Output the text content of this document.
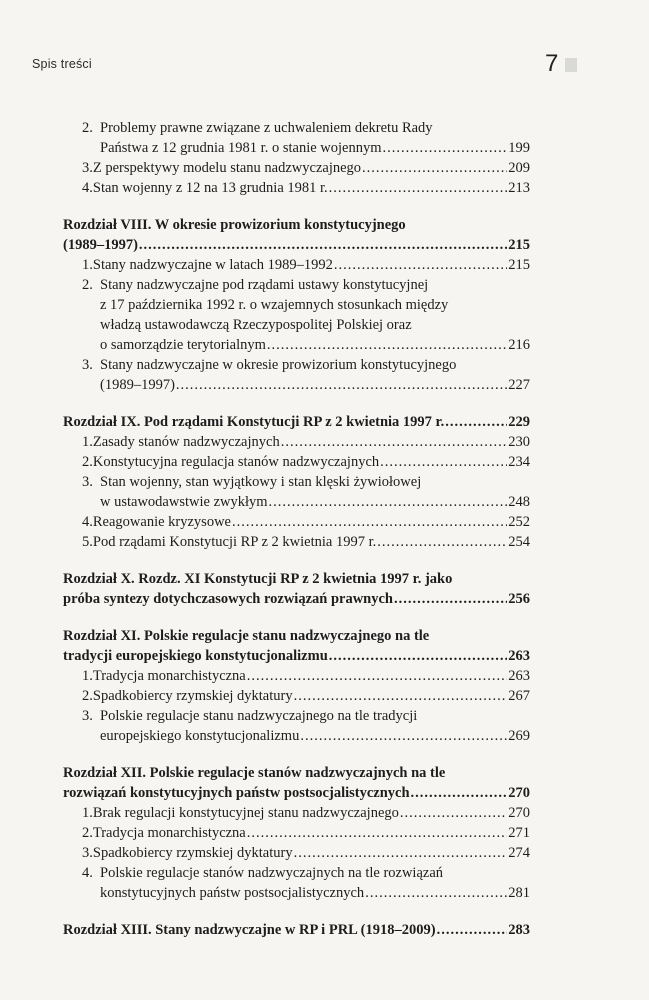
Spis treści	7
2. Problemy prawne związane z uchwaleniem dekretu Rady
Państwa z 12 grudnia 1981 r. o stanie wojennym .....	199
3. Z perspektywy modelu stanu nadzwyczajnego .....	209
4. Stan wojenny z 12 na 13 grudnia 1981 r. .....	213
Rozdział VIII. W okresie prowizorium konstytucyjnego
(1989–1997) .....	215
1. Stany nadzwyczajne w latach 1989–1992 .....	215
2. Stany nadzwyczajne pod rządami ustawy konstytucyjnej
z 17 października 1992 r. o wzajemnych stosunkach między
władzą ustawodawczą Rzeczypospolitej Polskiej oraz
o samorządzie terytorialnym .....	216
3. Stany nadzwyczajne w okresie prowizorium konstytucyjnego
(1989–1997) .....	227
Rozdział IX. Pod rządami Konstytucji RP z 2 kwietnia 1997 r. .....	229
1. Zasady stanów nadzwyczajnych .....	230
2. Konstytucyjna regulacja stanów nadzwyczajnych .....	234
3. Stan wojenny, stan wyjątkowy i stan klęski żywiołowej
w ustawodawstwie zwykłym .....	248
4. Reagowanie kryzysowe .....	252
5. Pod rządami Konstytucji RP z 2 kwietnia 1997 r. .....	254
Rozdział X. Rozdz. XI Konstytucji RP z 2 kwietnia 1997 r. jako
próba syntezy dotychczasowych rozwiązań prawnych .....	256
Rozdział XI. Polskie regulacje stanu nadzwyczajnego na tle
tradycji europejskiego konstytucjonalizmu .....	263
1. Tradycja monarchistyczna .....	263
2. Spadkobiercy rzymskiej dyktatury .....	267
3. Polskie regulacje stanu nadzwyczajnego na tle tradycji
europejskiego konstytucjonalizmu .....	269
Rozdział XII. Polskie regulacje stanów nadzwyczajnych na tle
rozwiązań konstytucyjnych państw postsocjalistycznych .....	270
1. Brak regulacji konstytucyjnej stanu nadzwyczajnego .....	270
2. Tradycja monarchistyczna .....	271
3. Spadkobiercy rzymskiej dyktatury .....	274
4. Polskie regulacje stanów nadzwyczajnych na tle rozwiązań
konstytucyjnych państw postsocjalistycznych .....	281
Rozdział XIII. Stany nadzwyczajne w RP i PRL (1918–2009) .....	283
